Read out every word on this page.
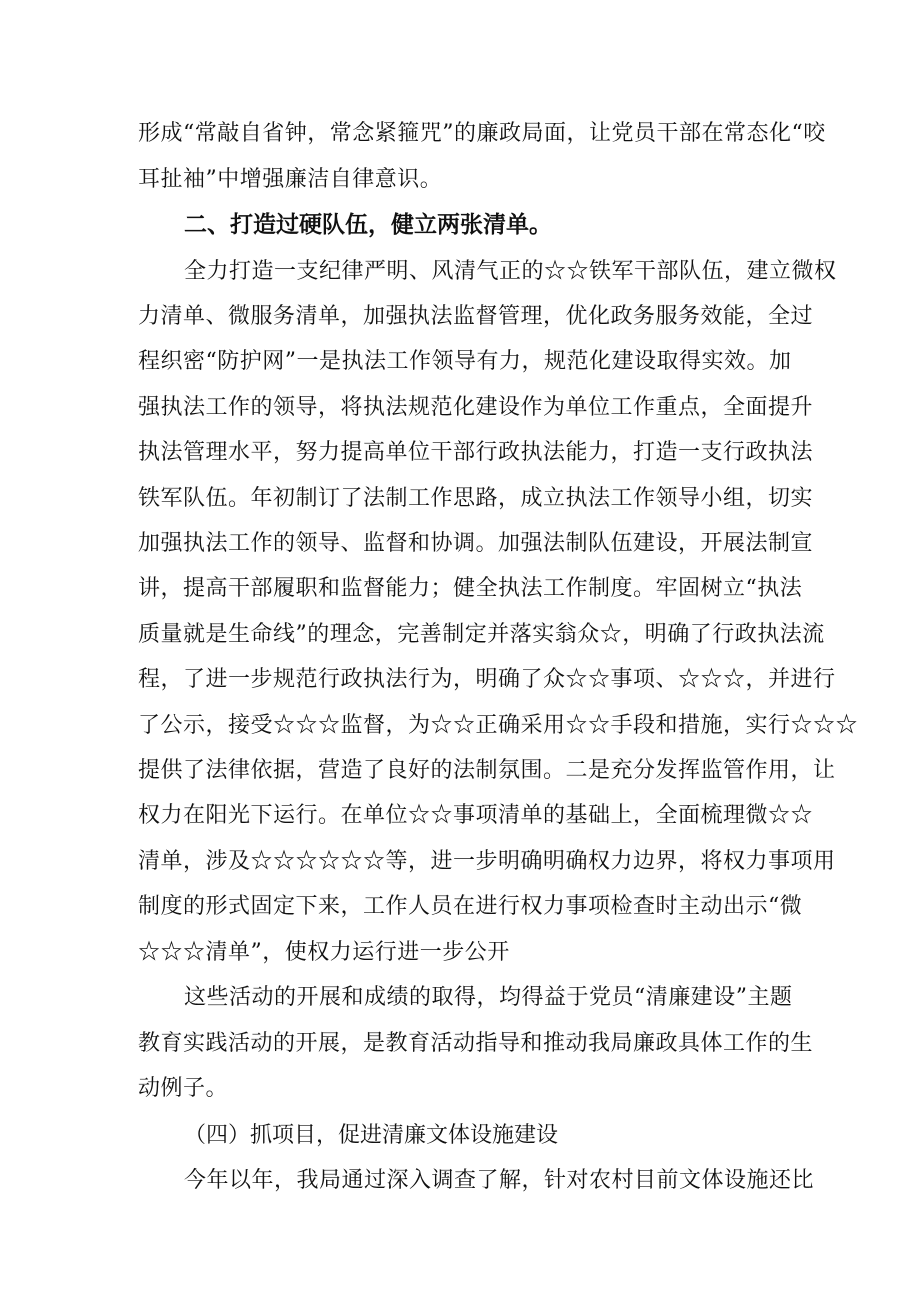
形成“常敲自省钟，常念紧箍咒”的廉政局面，让党员干部在常态化“咬
耳扯袖”中增强廉洁自律意识。
二、打造过硬队伍，健立两张清单。
全力打造一支纪律严明、风清气正的☆☆铁军干部队伍，建立微权
力清单、微服务清单，加强执法监督管理，优化政务服务效能，全过
程织密“防护网”一是执法工作领导有力，规范化建设取得实效。加
强执法工作的领导，将执法规范化建设作为单位工作重点，全面提升
执法管理水平，努力提高单位干部行政执法能力，打造一支行政执法
铁军队伍。年初制订了法制工作思路，成立执法工作领导小组，切实
加强执法工作的领导、监督和协调。加强法制队伍建设，开展法制宣
讲，提高干部履职和监督能力；健全执法工作制度。牢固树立“执法
质量就是生命线”的理念，完善制定并落实翁众☆，明确了行政执法流
程，了进一步规范行政执法行为，明确了众☆☆事项、☆☆☆，并进行
了公示，接受☆☆☆监督，为☆☆正确采用☆☆手段和措施，实行☆☆☆
提供了法律依据，营造了良好的法制氛围。二是充分发挥监管作用，让
权力在阳光下运行。在单位☆☆事项清单的基础上，全面梳理微☆☆
清单，涉及☆☆☆☆☆☆等，进一步明确明确权力边界，将权力事项用
制度的形式固定下来，工作人员在进行权力事项检查时主动出示“微
☆☆☆清单”，使权力运行进一步公开
这些活动的开展和成绩的取得，均得益于党员“清廉建设”主题
教育实践活动的开展，是教育活动指导和推动我局廉政具体工作的生
动例子。
（四）抓项目，促进清廉文体设施建设
今年以年，我局通过深入调查了解，针对农村目前文体设施还比
